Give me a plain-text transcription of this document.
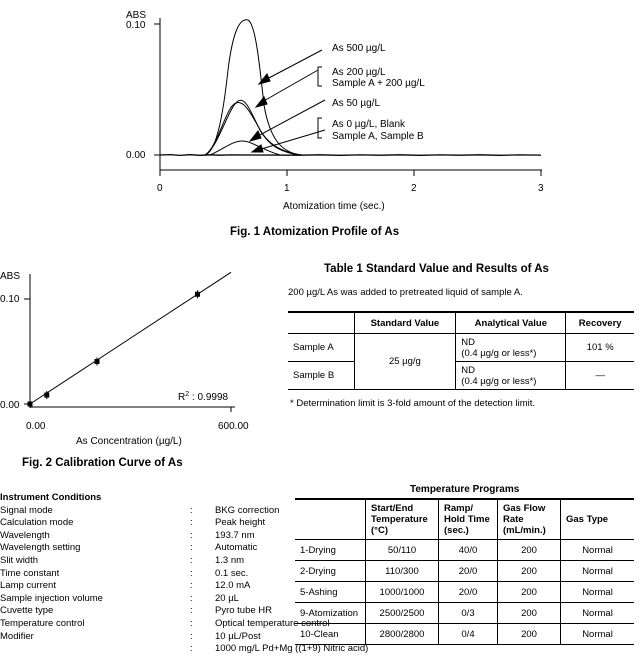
ABS
0.10
0.00
0	1	2	3
Atomization time (sec.)
As 500 µg/L
As 200 µg/L
Sample A + 200 µg/L
As 50 µg/L
As 0 µg/L, Blank
Sample A, Sample B
Fig. 1 Atomization Profile of As
ABS
0.10
0.00
0.00	600.00
As Concentration (µg/L)
$R^2$ : 0.9998
Fig. 2 Calibration Curve of As
Table 1 Standard Value and Results of As
200 µg/L As was added to pretreated liquid of sample A.
	Standard Value	Analytical Value	Recovery
Sample A	25 µg/g	ND
(0.4 µg/g or less*)	101 %
Sample B		ND
(0.4 µg/g or less*)	—
* Determination limit is 3-fold amount of the detection limit.
Instrument Conditions
Signal mode	:	BKG correction
Calculation mode	:	Peak height
Wavelength	:	193.7 nm
Wavelength setting	:	Automatic
Slit width	:	1.3 nm
Time constant	:	0.1 sec.
Lamp current	:	12.0 mA
Sample injection volume	:	20 µL
Cuvette type	:	Pyro tube HR
Temperature control	:	Optical temperature control
Modifier	:	10 µL/Post
:	1000 mg/L Pd+Mg ((1+9) Nitric acid)
Temperature Programs
	Start/End Temperature (°C)	Ramp/ Hold Time (sec.)	Gas Flow Rate (mL/min.)	Gas Type
1-Drying	50/110	40/0	200	Normal
2-Drying	110/300	20/0	200	Normal
5-Ashing	1000/1000	20/0	200	Normal
9-Atomization	2500/2500	0/3	200	Normal
10-Clean	2800/2800	0/4	200	Normal
